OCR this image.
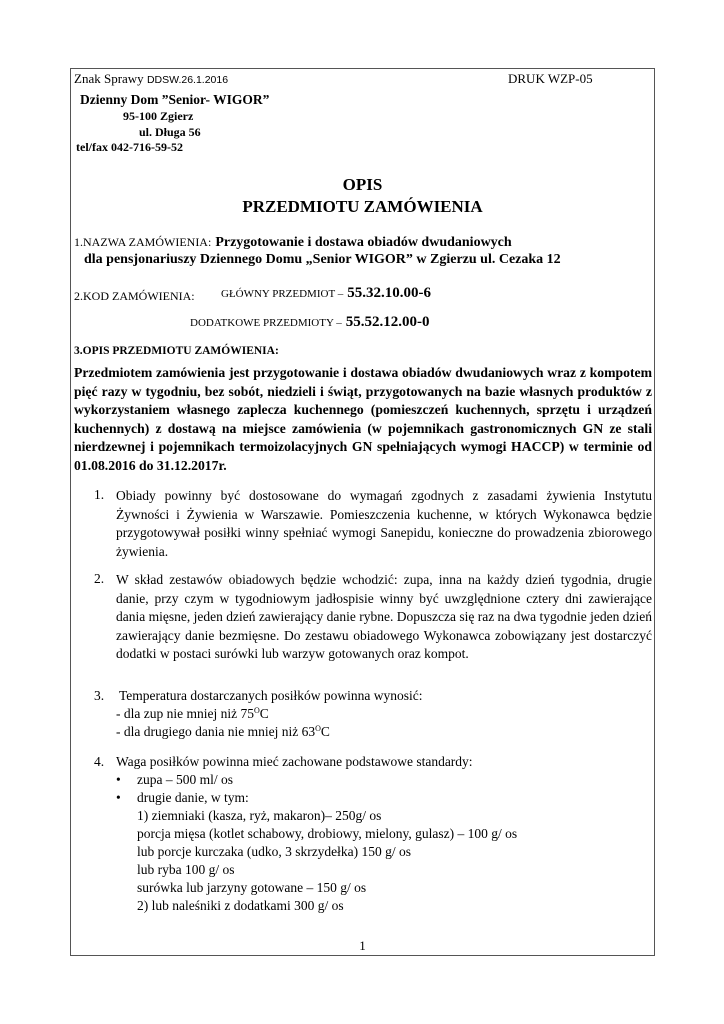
Znak Sprawy DDSW.26.1.2016	DRUK WZP-05
Dzienny Dom ”Senior- WIGOR”
95-100 Zgierz
ul. Długa 56
tel/fax 042-716-59-52
OPIS
PRZEDMIOTU ZAMÓWIENIA
1.NAZWA ZAMÓWIENIA: Przygotowanie i dostawa obiadów dwudaniowych
dla pensjonariuszy Dziennego Domu „Senior WIGOR” w Zgierzu ul. Cezaka 12
2.KOD ZAMÓWIENIA: GŁÓWNY PRZEDMIOT – 55.32.10.00-6
DODATKOWE PRZEDMIOTY – 55.52.12.00-0
3.OPIS PRZEDMIOTU ZAMÓWIENIA:
Przedmiotem zamówienia jest przygotowanie i dostawa obiadów dwudaniowych wraz z kompotem pięć razy w tygodniu, bez sobót, niedzieli i świąt, przygotowanych na bazie własnych produktów z wykorzystaniem własnego zaplecza kuchennego (pomieszczeń kuchennych, sprzętu i urządzeń kuchennych) z dostawą na miejsce zamówienia (w pojemnikach gastronomicznych GN ze stali nierdzewnej i pojemnikach termoizolacyjnych GN spełniających wymogi HACCP) w terminie od 01.08.2016 do 31.12.2017r.
1. Obiady powinny być dostosowane do wymagań zgodnych z zasadami żywienia Instytutu Żywności i Żywienia w Warszawie. Pomieszczenia kuchenne, w których Wykonawca będzie przygotowywał posiłki winny spełniać wymogi Sanepidu, konieczne do prowadzenia zbiorowego żywienia.
2. W skład zestawów obiadowych będzie wchodzić: zupa, inna na każdy dzień tygodnia, drugie danie, przy czym w tygodniowym jadłospisie winny być uwzględnione cztery dni zawierające dania mięsne, jeden dzień zawierający danie rybne. Dopuszcza się raz na dwa tygodnie jeden dzień zawierający danie bezmięsne. Do zestawu obiadowego Wykonawca zobowiązany jest dostarczyć dodatki w postaci surówki lub warzyw gotowanych oraz kompot.
3. Temperatura dostarczanych posiłków powinna wynosić:
- dla zup nie mniej niż $75^OC$
- dla drugiego dania nie mniej niż $63^OC$
4. Waga posiłków powinna mieć zachowane podstawowe standardy:
• zupa – 500 ml/ os
• drugie danie, w tym:
1) ziemniaki (kasza, ryż, makaron)– 250g/ os
porcja mięsa (kotlet schabowy, drobiowy, mielony, gulasz) – 100 g/ os
lub porcje kurczaka (udko, 3 skrzydełka) 150 g/ os
lub ryba 100 g/ os
surówka lub jarzyny gotowane – 150 g/ os
2) lub naleśniki z dodatkami 300 g/ os
1
